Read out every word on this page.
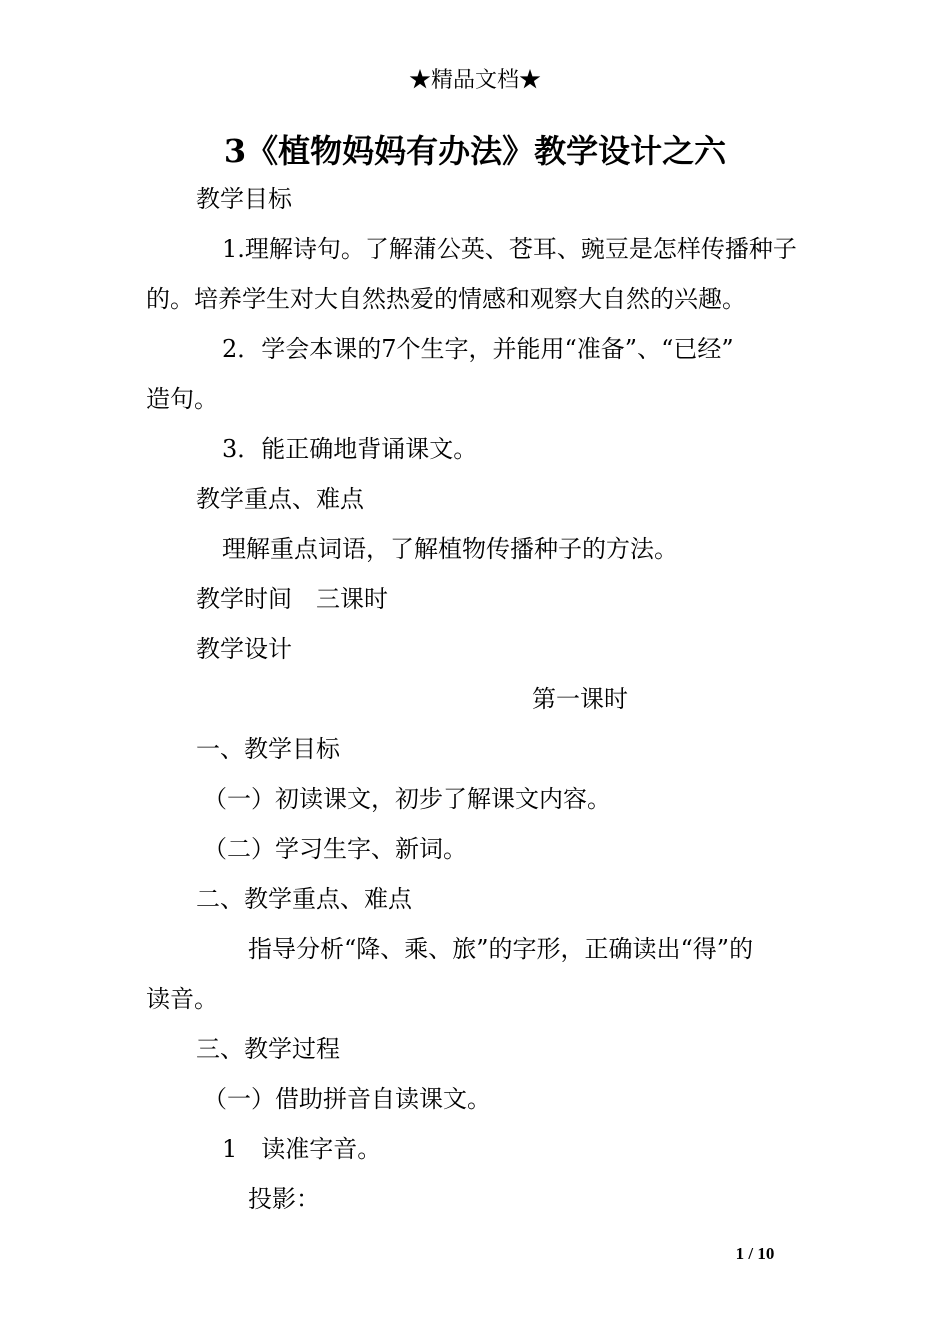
★精品文档★
3《植物妈妈有办法》教学设计之六
教学目标
1.理解诗句。了解蒲公英、苍耳、豌豆是怎样传播种子
的。培养学生对大自然热爱的情感和观察大自然的兴趣。
2．学会本课的7个生字，并能用“准备”、“已经”
造句。
3．能正确地背诵课文。
教学重点、难点
理解重点词语，了解植物传播种子的方法。
教学时间　三课时
教学设计
第一课时
一、教学目标
（一）初读课文，初步了解课文内容。
（二）学习生字、新词。
二、教学重点、难点
指导分析“降、乘、旅”的字形，正确读出“得”的
读音。
三、教学过程
（一）借助拼音自读课文。
1　读准字音。
投影：
1 / 10
